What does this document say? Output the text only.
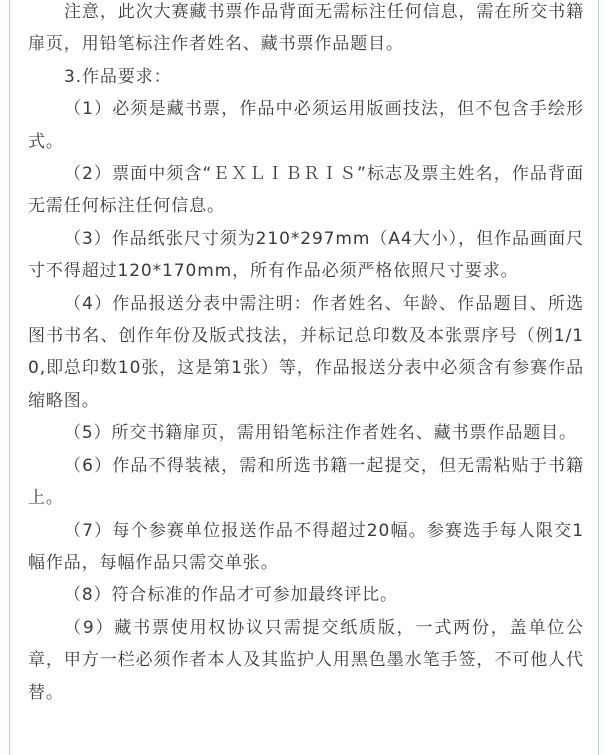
注意，此次大赛藏书票作品背面无需标注任何信息，需在所交书籍扉页，用铅笔标注作者姓名、藏书票作品题目。

3.作品要求：

（1）必须是藏书票，作品中必须运用版画技法，但不包含手绘形式。

（2）票面中须含“ＥＸＬＩＢＲＩＳ”标志及票主姓名，作品背面无需任何标注任何信息。

（3）作品纸张尺寸须为210*297mm（A4大小），但作品画面尺寸不得超过120*170mm，所有作品必须严格依照尺寸要求。

（4）作品报送分表中需注明：作者姓名、年龄、作品题目、所选图书书名、创作年份及版式技法，并标记总印数及本张票序号（例1/10,即总印数10张，这是第1张）等，作品报送分表中必须含有参赛作品缩略图。

（5）所交书籍扉页，需用铅笔标注作者姓名、藏书票作品题目。

（6）作品不得装裱，需和所选书籍一起提交，但无需粘贴于书籍上。

（7）每个参赛单位报送作品不得超过20幅。参赛选手每人限交1幅作品，每幅作品只需交单张。

（8）符合标准的作品才可参加最终评比。

（9）藏书票使用权协议只需提交纸质版，一式两份，盖单位公章，甲方一栏必须作者本人及其监护人用黑色墨水笔手签，不可他人代替。
